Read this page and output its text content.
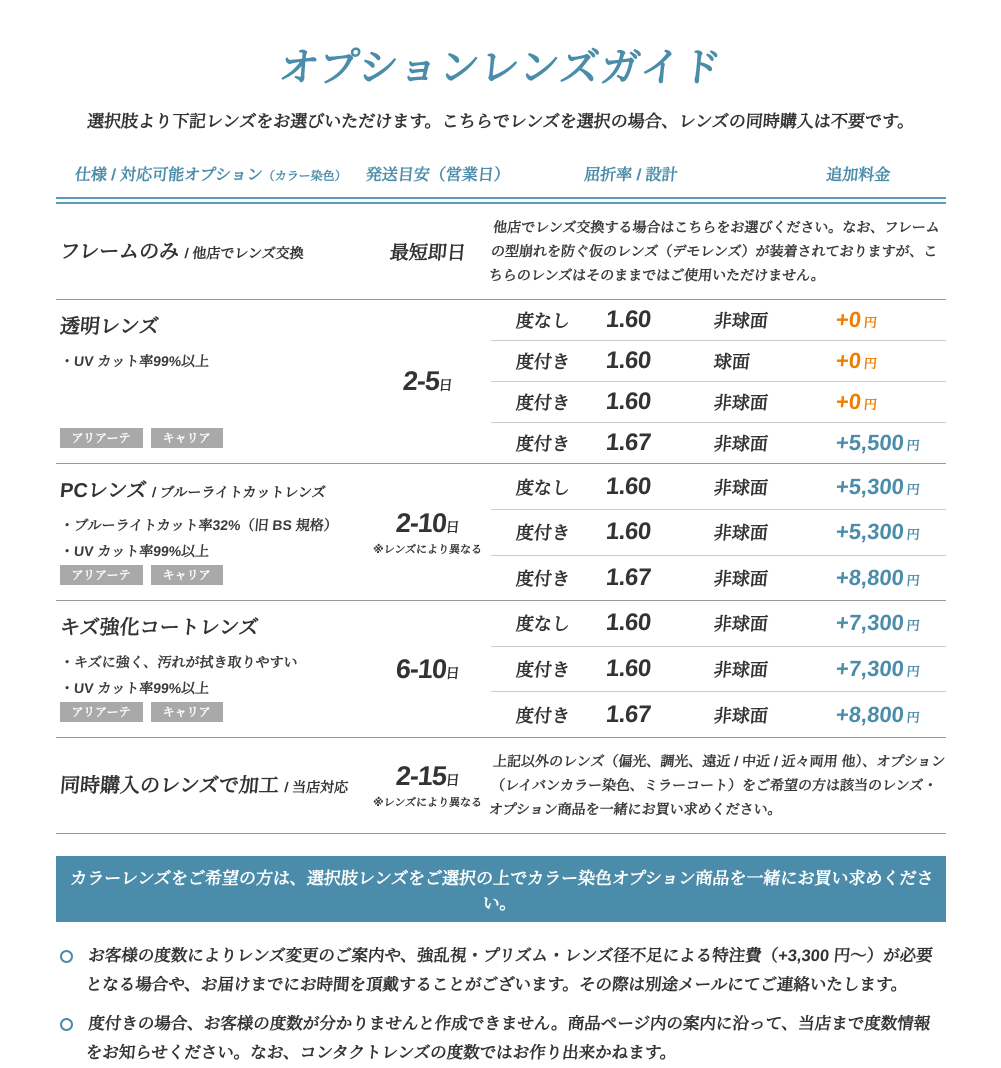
オプションレンズガイド

選択肢より下記レンズをお選びいただけます。こちらでレンズを選択の場合、レンズの同時購入は不要です。

仕様 / 対応可能オプション（カラー染色）	発送目安（営業日）	屈折率 / 設計	追加料金
フレームのみ / 他店でレンズ交換	最短即日

他店でレンズ交換する場合はこちらをお選びください。なお、フレームの型崩れを防ぐ仮のレンズ（デモレンズ）が装着されておりますが、こちらのレンズはそのままではご使用いただけません。

透明レンズ
・UV カット率99%以上
アリアーテ	キャリア
2-5日
度なし	1.60	非球面	+0円
度付き	1.60	球面	+0円
度付き	1.60	非球面	+0円
度付き	1.67	非球面	+5,500円
PCレンズ / ブルーライトカットレンズ
・ブルーライトカット率32%（旧 BS 規格）
・UV カット率99%以上
アリアーテ	キャリア
2-10日
※レンズにより異なる
度なし	1.60	非球面	+5,300円
度付き	1.60	非球面	+5,300円
度付き	1.67	非球面	+8,800円
キズ強化コートレンズ
・キズに強く、汚れが拭き取りやすい
・UV カット率99%以上
アリアーテ	キャリア
6-10日
度なし	1.60	非球面	+7,300円
度付き	1.60	非球面	+7,300円
度付き	1.67	非球面	+8,800円
同時購入のレンズで加工 / 当店対応	2-15日
※レンズにより異なる

上記以外のレンズ（偏光、調光、遠近 / 中近 / 近々両用 他）、オプション（レイバンカラー染色、ミラーコート）をご希望の方は該当のレンズ・オプション商品を一緒にお買い求めください。

カラーレンズをご希望の方は、選択肢レンズをご選択の上でカラー染色オプション商品を一緒にお買い求めください。

お客様の度数によりレンズ変更のご案内や、強乱視・プリズム・レンズ径不足による特注費（+3,300 円～）が必要となる場合や、お届けまでにお時間を頂戴することがございます。その際は別途メールにてご連絡いたします。

度付きの場合、お客様の度数が分かりませんと作成できません。商品ページ内の案内に沿って、当店まで度数情報をお知らせください。なお、コンタクトレンズの度数ではお作り出来かねます。
